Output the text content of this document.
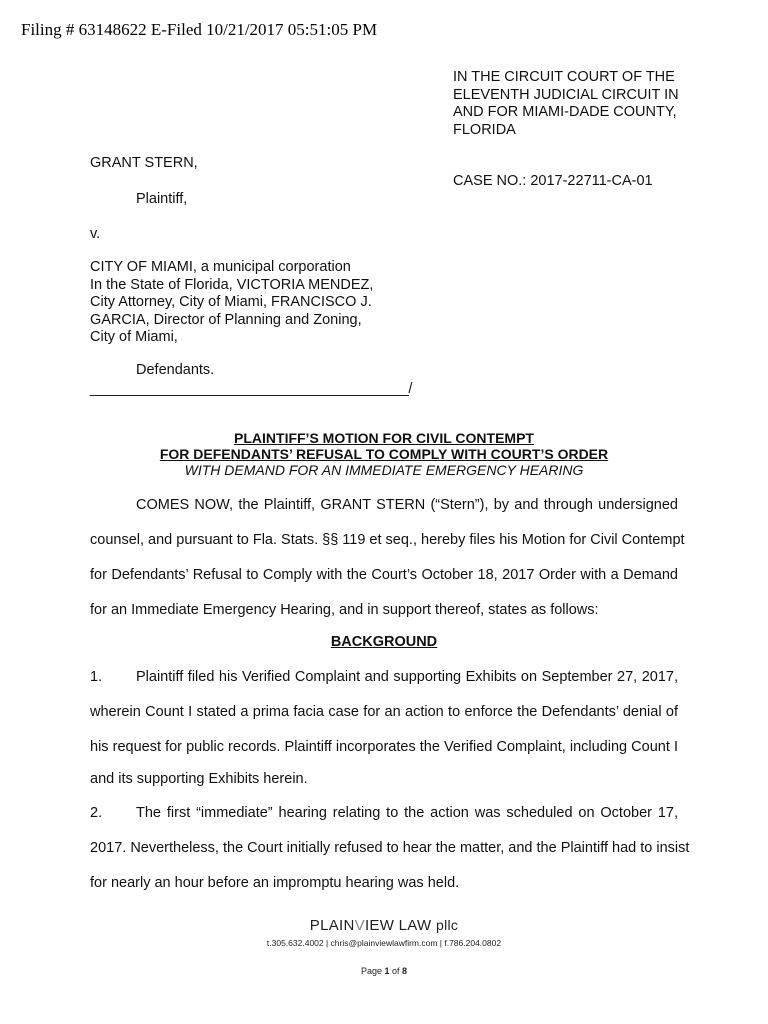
Filing # 63148622 E-Filed 10/21/2017 05:51:05 PM
IN THE CIRCUIT COURT OF THE
ELEVENTH JUDICIAL CIRCUIT IN
AND FOR MIAMI-DADE COUNTY,
FLORIDA
CASE NO.: 2017-22711-CA-01
GRANT STERN,
Plaintiff,
v.
CITY OF MIAMI, a municipal corporation
In the State of Florida, VICTORIA MENDEZ,
City Attorney, City of Miami, FRANCISCO J.
GARCIA, Director of Planning and Zoning,
City of Miami,
Defendants.
_________________________________________/
PLAINTIFF’S MOTION FOR CIVIL CONTEMPT
FOR DEFENDANTS’ REFUSAL TO COMPLY WITH COURT’S ORDER
WITH DEMAND FOR AN IMMEDIATE EMERGENCY HEARING
COMES NOW, the Plaintiff, GRANT STERN (“Stern”), by and through undersigned
counsel, and pursuant to Fla. Stats. §§ 119 et seq., hereby files his Motion for Civil Contempt
for Defendants’ Refusal to Comply with the Court’s October 18, 2017 Order with a Demand
for an Immediate Emergency Hearing, and in support thereof, states as follows:
BACKGROUND
1. Plaintiff filed his Verified Complaint and supporting Exhibits on September 27, 2017,
wherein Count I stated a prima facia case for an action to enforce the Defendants’ denial of
his request for public records. Plaintiff incorporates the Verified Complaint, including Count I
and its supporting Exhibits herein.
2. The first “immediate” hearing relating to the action was scheduled on October 17,
2017. Nevertheless, the Court initially refused to hear the matter, and the Plaintiff had to insist
for nearly an hour before an impromptu hearing was held.
PLAINVIEW LAW pllc
t.305.632.4002 | chris@plainviewlawfirm.com | f.786.204.0802
Page 1 of 8
